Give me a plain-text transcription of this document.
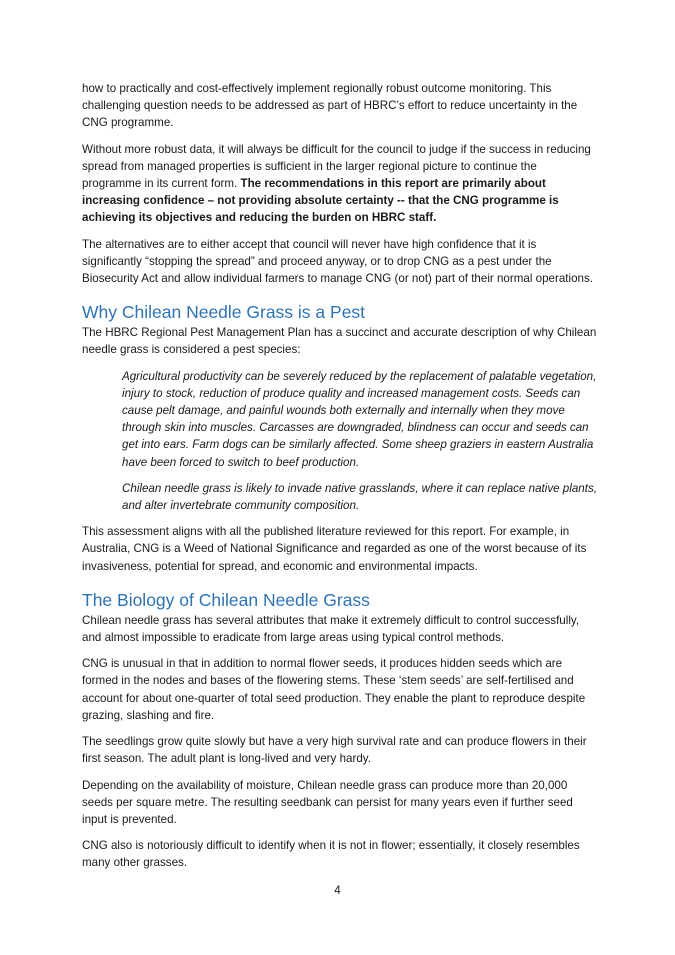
how to practically and cost-effectively implement regionally robust outcome monitoring. This challenging question needs to be addressed as part of HBRC’s effort to reduce uncertainty in the CNG programme.

Without more robust data, it will always be difficult for the council to judge if the success in reducing spread from managed properties is sufficient in the larger regional picture to continue the programme in its current form. The recommendations in this report are primarily about increasing confidence – not providing absolute certainty -- that the CNG programme is achieving its objectives and reducing the burden on HBRC staff.

The alternatives are to either accept that council will never have high confidence that it is significantly “stopping the spread” and proceed anyway, or to drop CNG as a pest under the Biosecurity Act and allow individual farmers to manage CNG (or not) part of their normal operations.

Why Chilean Needle Grass is a Pest

The HBRC Regional Pest Management Plan has a succinct and accurate description of why Chilean needle grass is considered a pest species:

Agricultural productivity can be severely reduced by the replacement of palatable vegetation, injury to stock, reduction of produce quality and increased management costs. Seeds can cause pelt damage, and painful wounds both externally and internally when they move through skin into muscles. Carcasses are downgraded, blindness can occur and seeds can get into ears. Farm dogs can be similarly affected. Some sheep graziers in eastern Australia have been forced to switch to beef production.

Chilean needle grass is likely to invade native grasslands, where it can replace native plants, and alter invertebrate community composition.

This assessment aligns with all the published literature reviewed for this report. For example, in Australia, CNG is a Weed of National Significance and regarded as one of the worst because of its invasiveness, potential for spread, and economic and environmental impacts.

The Biology of Chilean Needle Grass

Chilean needle grass has several attributes that make it extremely difficult to control successfully, and almost impossible to eradicate from large areas using typical control methods.

CNG is unusual in that in addition to normal flower seeds, it produces hidden seeds which are formed in the nodes and bases of the flowering stems. These ‘stem seeds’ are self-fertilised and account for about one-quarter of total seed production. They enable the plant to reproduce despite grazing, slashing and fire.

The seedlings grow quite slowly but have a very high survival rate and can produce flowers in their first season. The adult plant is long-lived and very hardy.

Depending on the availability of moisture, Chilean needle grass can produce more than 20,000 seeds per square metre. The resulting seedbank can persist for many years even if further seed input is prevented.

CNG also is notoriously difficult to identify when it is not in flower; essentially, it closely resembles many other grasses.

4
